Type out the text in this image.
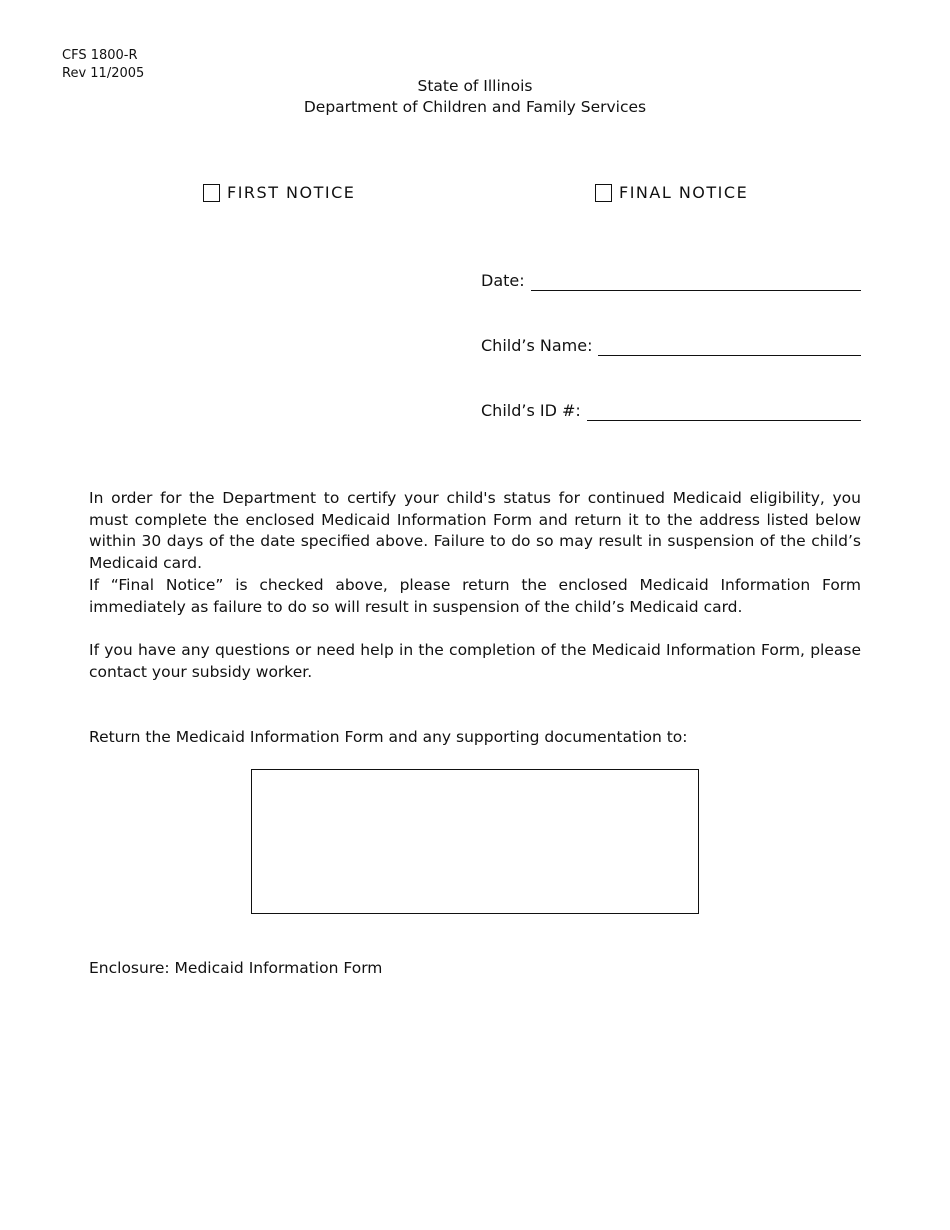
CFS 1800-R
Rev 11/2005
State of Illinois
Department of Children and Family Services
FIRST NOTICE	FINAL NOTICE
Date:
Child’s Name:
Child’s ID #:

In order for the Department to certify your child's status for continued Medicaid eligibility, you must complete the enclosed Medicaid Information Form and return it to the address listed below within 30 days of the date specified above. Failure to do so may result in suspension of the child’s Medicaid card.

If “Final Notice” is checked above, please return the enclosed Medicaid Information Form immediately as failure to do so will result in suspension of the child’s Medicaid card.

If you have any questions or need help in the completion of the Medicaid Information Form, please contact your subsidy worker.

Return the Medicaid Information Form and any supporting documentation to:
Enclosure: Medicaid Information Form
